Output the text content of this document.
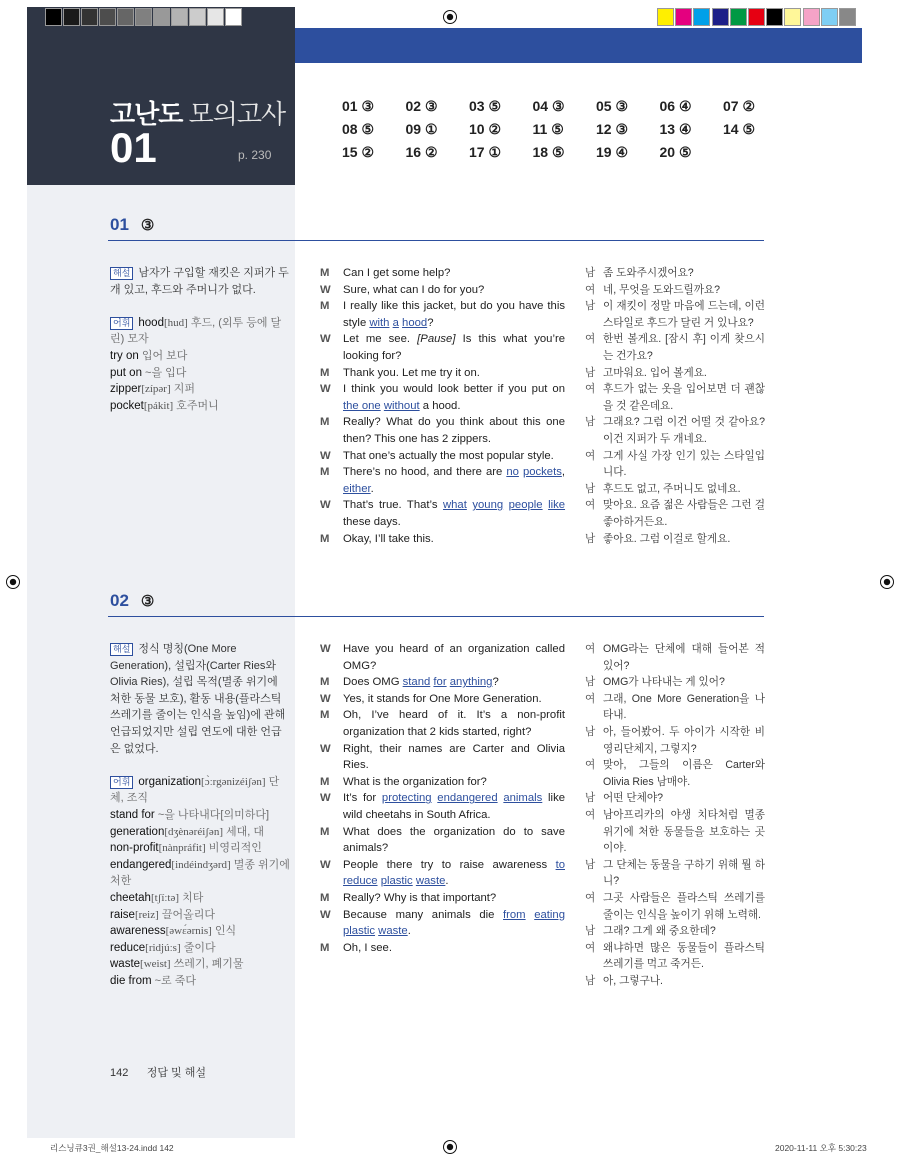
고난도 모의고사
01	p. 230
01 ③	02 ③	03 ⑤	04 ③	05 ③	06 ④	07 ②
08 ⑤	09 ①	10 ②	11 ⑤	12 ③	13 ④	14 ⑤
15 ②	16 ②	17 ①	18 ⑤	19 ④	20 ⑤
01 ③
해설 남자가 구입할 재킷은 지퍼가 두 개 있고, 후드와 주머니가 없다.
어휘 hood[hud] 후드, (외투 등에 달린) 모자
try on 입어 보다
put on ~을 입다
zipper[zípər] 지퍼
pocket[pákit] 호주머니
M	Can I get some help?
W	Sure, what can I do for you?
M	I really like this jacket, but do you have this style with a hood?
W	Let me see. [Pause] Is this what you’re looking for?
M	Thank you. Let me try it on.
W	I think you would look better if you put on the one without a hood.
M	Really? What do you think about this one then? This one has 2 zippers.
W	That one’s actually the most popular style.
M	There’s no hood, and there are no pockets, either.
W	That’s true. That’s what young people like these days.
M	Okay, I’ll take this.
남 좀 도와주시겠어요?
여 네, 무엇을 도와드릴까요?
남 이 재킷이 정말 마음에 드는데, 이런 스타일로 후드가 달린 거 있나요?
여 한번 볼게요. [잠시 후] 이게 찾으시는 건가요?
남 고마워요. 입어 볼게요.
여 후드가 없는 옷을 입어보면 더 괜찮을 것 같은데요.
남 그래요? 그럼 이건 어떨 것 같아요? 이건 지퍼가 두 개네요.
여 그게 사실 가장 인기 있는 스타일입니다.
남 후드도 없고, 주머니도 없네요.
여 맞아요. 요즘 젊은 사람들은 그런 걸 좋아하거든요.
남 좋아요. 그럼 이걸로 할게요.
02 ③
해설 정식 명칭(One More Generation), 설립자(Carter Ries와 Olivia Ries), 설립 목적(멸종 위기에 처한 동물 보호), 활동 내용(플라스틱 쓰레기를 줄이는 인식을 높임)에 관해 언급되었지만 설립 연도에 대한 언급은 없었다.
어휘 organization[ɔ̀ːrgənizéiʃən] 단체, 조직
stand for ~을 나타내다[의미하다]
generation[dʒènəréiʃən] 세대, 대
non-profit[nànpráfit] 비영리적인
endangered[indéindʒərd] 멸종 위기에 처한
cheetah[tʃíːtə] 치타
raise[reiz] 끌어올리다
awareness[əwɛ́ərnis] 인식
reduce[ridjúːs] 줄이다
waste[weist] 쓰레기, 폐기물
die from ~로 죽다
W	Have you heard of an organization called OMG?
M	Does OMG stand for anything?
W	Yes, it stands for One More Generation.
M	Oh, I’ve heard of it. It’s a non-profit organization that 2 kids started, right?
W	Right, their names are Carter and Olivia Ries.
M	What is the organization for?
W	It’s for protecting endangered animals like wild cheetahs in South Africa.
M	What does the organization do to save animals?
W	People there try to raise awareness to reduce plastic waste.
M	Really? Why is that important?
W	Because many animals die from eating plastic waste.
M	Oh, I see.
여 OMG라는 단체에 대해 들어본 적 있어?
남 OMG가 나타내는 게 있어?
여 그래, One More Generation을 나타내.
남 아, 들어봤어. 두 아이가 시작한 비영리단체지, 그렇지?
여 맞아, 그들의 이름은 Carter와 Olivia Ries 남매야.
남 어떤 단체야?
여 남아프리카의 야생 치타처럼 멸종 위기에 처한 동물들을 보호하는 곳이야.
남 그 단체는 동물을 구하기 위해 뭘 하니?
여 그곳 사람들은 플라스틱 쓰레기를 줄이는 인식을 높이기 위해 노력해.
남 그래? 그게 왜 중요한데?
여 왜냐하면 많은 동물들이 플라스틱 쓰레기를 먹고 죽거든.
남 아, 그렇구나.
142 정답 및 해설
리스닝큐3권_해설13-24.indd 142	2020-11-11 오후 5:30:23
